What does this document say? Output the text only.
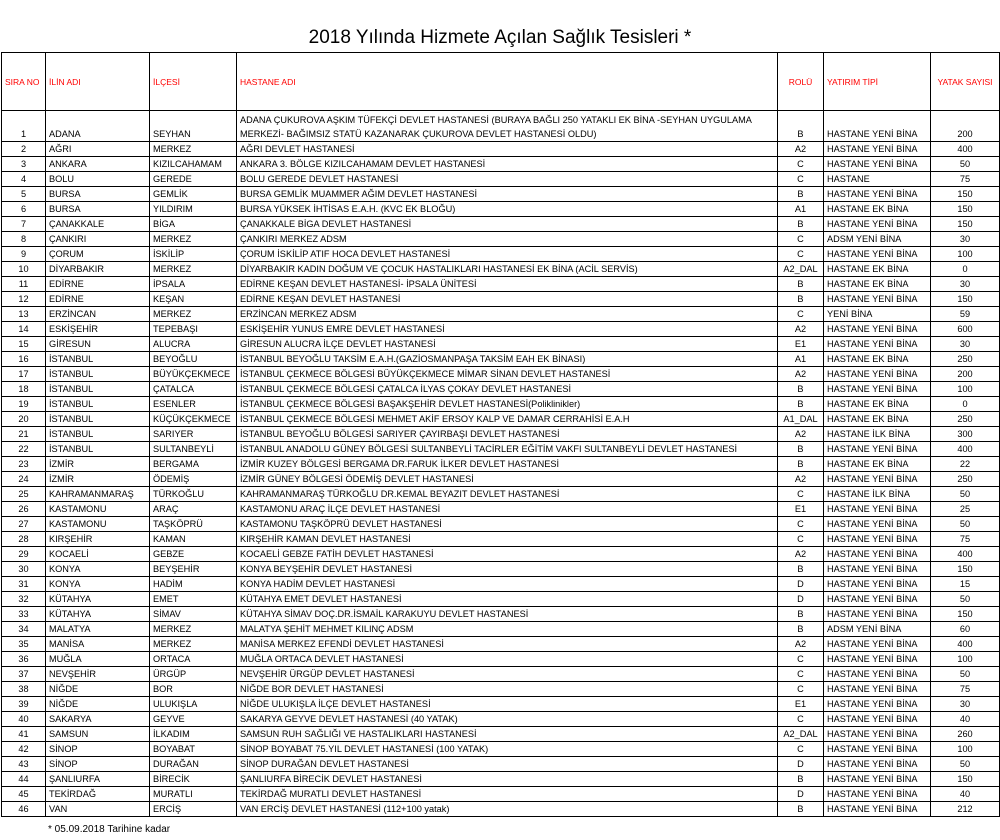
2018 Yılında Hizmete Açılan Sağlık Tesisleri *
SIRA NO	İLİN ADI	İLÇESİ	HASTANE ADI	ROLÜ	YATIRIM TİPİ	YATAK SAYISI
1	ADANA	SEYHAN	ADANA ÇUKUROVA AŞKIM TÜFEKÇİ DEVLET HASTANESİ (BURAYA BAĞLI 250 YATAKLI EK BİNA -SEYHAN UYGULAMA MERKEZİ- BAĞIMSIZ STATÜ KAZANARAK ÇUKUROVA DEVLET HASTANESİ OLDU)	B	HASTANE YENİ BİNA	200
2	AĞRI	MERKEZ	AĞRI DEVLET HASTANESİ	A2	HASTANE YENİ BİNA	400
3	ANKARA	KIZILCAHAMAM	ANKARA 3. BÖLGE KIZILCAHAMAM DEVLET HASTANESİ	C	HASTANE YENİ BİNA	50
4	BOLU	GEREDE	BOLU GEREDE DEVLET HASTANESİ	C	HASTANE	75
5	BURSA	GEMLİK	BURSA GEMLİK MUAMMER AĞIM DEVLET HASTANESİ	B	HASTANE YENİ BİNA	150
6	BURSA	YILDIRIM	BURSA YÜKSEK İHTİSAS E.A.H. (KVC EK BLOĞU)	A1	HASTANE EK BİNA	150
7	ÇANAKKALE	BİGA	ÇANAKKALE BİGA DEVLET HASTANESİ	B	HASTANE YENİ BİNA	150
8	ÇANKIRI	MERKEZ	ÇANKIRI MERKEZ ADSM	C	ADSM YENİ BİNA	30
9	ÇORUM	İSKİLİP	ÇORUM İSKİLİP ATIF HOCA DEVLET HASTANESİ	C	HASTANE YENİ BİNA	100
10	DİYARBAKIR	MERKEZ	DİYARBAKIR KADIN DOĞUM VE ÇOCUK HASTALIKLARI HASTANESİ EK BİNA (ACİL SERVİS)	A2_DAL	HASTANE EK BİNA	0
11	EDİRNE	İPSALA	EDİRNE KEŞAN DEVLET HASTANESİ- İPSALA ÜNİTESİ	B	HASTANE EK BİNA	30
12	EDİRNE	KEŞAN	EDİRNE KEŞAN DEVLET HASTANESİ	B	HASTANE YENİ BİNA	150
13	ERZİNCAN	MERKEZ	ERZİNCAN MERKEZ ADSM	C	YENİ BİNA	59
14	ESKİŞEHİR	TEPEBAŞI	ESKİŞEHİR YUNUS EMRE DEVLET HASTANESİ	A2	HASTANE YENİ BİNA	600
15	GİRESUN	ALUCRA	GİRESUN ALUCRA İLÇE DEVLET HASTANESİ	E1	HASTANE YENİ BİNA	30
16	İSTANBUL	BEYOĞLU	İSTANBUL BEYOĞLU TAKSİM E.A.H.(GAZİOSMANPAŞA TAKSİM EAH EK BİNASI)	A1	HASTANE EK BİNA	250
17	İSTANBUL	BÜYÜKÇEKMECE	İSTANBUL ÇEKMECE BÖLGESİ BÜYÜKÇEKMECE MİMAR SİNAN DEVLET HASTANESİ	A2	HASTANE YENİ BİNA	200
18	İSTANBUL	ÇATALCA	İSTANBUL ÇEKMECE BÖLGESİ ÇATALCA İLYAS ÇOKAY DEVLET HASTANESİ	B	HASTANE YENİ BİNA	100
19	İSTANBUL	ESENLER	İSTANBUL ÇEKMECE BÖLGESİ BAŞAKŞEHİR DEVLET HASTANESİ(Poliklinikler)	B	HASTANE EK BİNA	0
20	İSTANBUL	KÜÇÜKÇEKMECE	İSTANBUL ÇEKMECE BÖLGESİ MEHMET AKİF ERSOY KALP VE DAMAR CERRAHİSİ E.A.H	A1_DAL	HASTANE EK BİNA	250
21	İSTANBUL	SARIYER	İSTANBUL BEYOĞLU BÖLGESİ SARIYER ÇAYIRBAŞI DEVLET HASTANESİ	A2	HASTANE İLK BİNA	300
22	İSTANBUL	SULTANBEYLİ	İSTANBUL ANADOLU GÜNEY BÖLGESİ SULTANBEYLİ TACİRLER EĞİTİM VAKFI SULTANBEYLİ DEVLET HASTANESİ	B	HASTANE YENİ BİNA	400
23	İZMİR	BERGAMA	İZMİR KUZEY BÖLGESİ BERGAMA DR.FARUK İLKER DEVLET HASTANESİ	B	HASTANE EK BİNA	22
24	İZMİR	ÖDEMİŞ	İZMİR GÜNEY BÖLGESİ ÖDEMİŞ DEVLET HASTANESİ	A2	HASTANE YENİ BİNA	250
25	KAHRAMANMARAŞ	TÜRKOĞLU	KAHRAMANMARAŞ TÜRKOĞLU DR.KEMAL BEYAZIT DEVLET HASTANESİ	C	HASTANE İLK BİNA	50
26	KASTAMONU	ARAÇ	KASTAMONU ARAÇ İLÇE DEVLET HASTANESİ	E1	HASTANE YENİ BİNA	25
27	KASTAMONU	TAŞKÖPRÜ	KASTAMONU TAŞKÖPRÜ DEVLET HASTANESİ	C	HASTANE YENİ BİNA	50
28	KIRŞEHİR	KAMAN	KIRŞEHİR KAMAN DEVLET HASTANESİ	C	HASTANE YENİ BİNA	75
29	KOCAELİ	GEBZE	KOCAELİ GEBZE FATİH DEVLET HASTANESİ	A2	HASTANE YENİ BİNA	400
30	KONYA	BEYŞEHİR	KONYA BEYŞEHİR DEVLET HASTANESİ	B	HASTANE YENİ BİNA	150
31	KONYA	HADİM	KONYA HADİM DEVLET HASTANESİ	D	HASTANE YENİ BİNA	15
32	KÜTAHYA	EMET	KÜTAHYA EMET DEVLET HASTANESİ	D	HASTANE YENİ BİNA	50
33	KÜTAHYA	SİMAV	KÜTAHYA SİMAV DOÇ.DR.İSMAİL KARAKUYU DEVLET HASTANESİ	B	HASTANE YENİ BİNA	150
34	MALATYA	MERKEZ	MALATYA ŞEHİT MEHMET KILINÇ ADSM	B	ADSM YENİ BİNA	60
35	MANİSA	MERKEZ	MANİSA MERKEZ EFENDİ DEVLET HASTANESİ	A2	HASTANE YENİ BİNA	400
36	MUĞLA	ORTACA	MUĞLA ORTACA DEVLET HASTANESİ	C	HASTANE YENİ BİNA	100
37	NEVŞEHİR	ÜRGÜP	NEVŞEHİR ÜRGÜP DEVLET HASTANESİ	C	HASTANE YENİ BİNA	50
38	NİĞDE	BOR	NİĞDE BOR DEVLET HASTANESİ	C	HASTANE YENİ BİNA	75
39	NİĞDE	ULUKIŞLA	NİĞDE ULUKIŞLA İLÇE DEVLET HASTANESİ	E1	HASTANE YENİ BİNA	30
40	SAKARYA	GEYVE	SAKARYA GEYVE DEVLET HASTANESİ (40 YATAK)	C	HASTANE YENİ BİNA	40
41	SAMSUN	İLKADIM	SAMSUN RUH SAĞLIĞI VE HASTALIKLARI HASTANESİ	A2_DAL	HASTANE YENİ BİNA	260
42	SİNOP	BOYABAT	SİNOP BOYABAT 75.YIL DEVLET HASTANESİ (100 YATAK)	C	HASTANE YENİ BİNA	100
43	SİNOP	DURAĞAN	SİNOP DURAĞAN DEVLET HASTANESİ	D	HASTANE YENİ BİNA	50
44	ŞANLIURFA	BİRECİK	ŞANLIURFA BİRECİK DEVLET HASTANESİ	B	HASTANE YENİ BİNA	150
45	TEKİRDAĞ	MURATLI	TEKİRDAĞ MURATLI DEVLET HASTANESİ	D	HASTANE YENİ BİNA	40
46	VAN	ERCİŞ	VAN ERCİŞ DEVLET HASTANESİ (112+100 yatak)	B	HASTANE YENİ BİNA	212
* 05.09.2018 Tarihine kadar
